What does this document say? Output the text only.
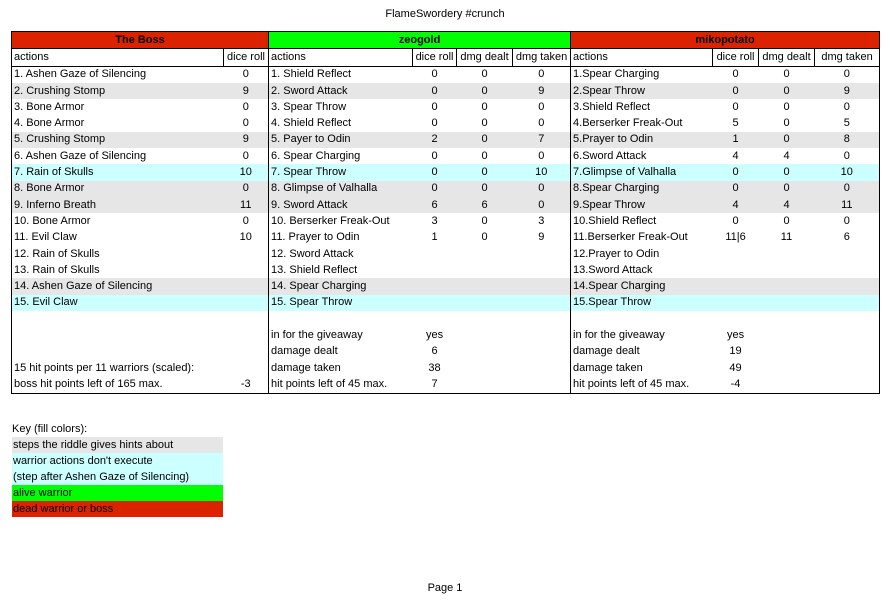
FlameSwordery #crunch
The Boss		zeogold				mikopotato			
actions	dice roll	actions	dice roll	dmg dealt	dmg taken	actions	dice roll	dmg dealt	dmg taken
1. Ashen Gaze of Silencing	0	1. Shield Reflect	0	0	0	1.Spear Charging	0	0	0
2. Crushing Stomp	9	2. Sword Attack	0	0	9	2.Spear Throw	0	0	9
3. Bone Armor	0	3. Spear Throw	0	0	0	3.Shield Reflect	0	0	0
4. Bone Armor	0	4. Shield Reflect	0	0	0	4.Berserker Freak-Out	5	0	5
5. Crushing Stomp	9	5. Payer to Odin	2	0	7	5.Prayer to Odin	1	0	8
6. Ashen Gaze of Silencing	0	6. Spear Charging	0	0	0	6.Sword Attack	4	4	0
7. Rain of Skulls	10	7. Spear Throw	0	0	10	7.Glimpse of Valhalla	0	0	10
8. Bone Armor	0	8. Glimpse of Valhalla	0	0	0	8.Spear Charging	0	0	0
9. Inferno Breath	11	9. Sword Attack	6	6	0	9.Spear Throw	4	4	11
10. Bone Armor	0	10. Berserker Freak-Out	3	0	3	10.Shield Reflect	0	0	0
11. Evil Claw	10	11. Prayer to Odin	1	0	9	11.Berserker Freak-Out	11|6	11	6
12. Rain of Skulls		12. Sword Attack				12.Prayer to Odin			
13. Rain of Skulls		13. Shield Reflect				13.Sword Attack			
14. Ashen Gaze of Silencing		14. Spear Charging				14.Spear Charging			
15. Evil Claw		15. Spear Throw				15.Spear Throw			

		in for the giveaway	yes			in for the giveaway	yes		
		damage dealt	6			damage dealt	19		
15 hit points per 11 warriors (scaled):		damage taken	38			damage taken	49		
boss hit points left of 165 max.	-3	hit points left of 45 max.	7			hit points left of 45 max.	-4		
Key (fill colors):
steps the riddle gives hints about
warrior actions don't execute
(step after Ashen Gaze of Silencing)
alive warrior
dead warrior or boss
Page 1
